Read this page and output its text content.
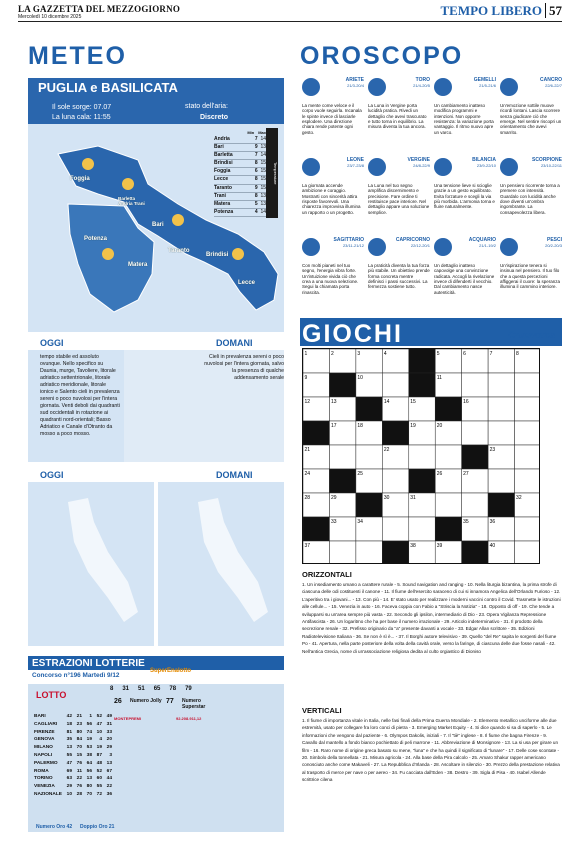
LA GAZZETTA DEL MEZZOGIORNO
Mercoledì 10 dicembre 2025	TEMPO LIBERO 57
METEO
PUGLIA e BASILICATA
Il sole sorge: 07.07
La luna cala: 11:55
stato dell'aria:
Discreto
Foggia
Barletta Andria Trani
Bari
Potenza
Matera
Taranto
Brindisi
Lecce
Min Max
Andria	7 14
Bari	9 13
Barletta	7 14
Brindisi	8 15
Foggia	6 15
Lecce	8 15
Taranto	9 15
Trani	8 13
Matera	5 13
Potenza	4 14
Temperature
OGGI	DOMANI
tempo stabile ed assoluto ovunque. Nello specifico su Daunia, murge, Tavoliere, litorale adriatico settentrionale, litorale adriatico meridionale, litorale ionico e Salento cieli in prevalenza sereni o poco nuvolosi per l'intera giornata. Venti deboli dai quadranti sud occidentali in rotazione ai quadranti nord-orientali; Basso Adriatico e Canale d'Otranto da mosso a poco mosso.
Cieli in prevalenza sereni o poco nuvolosi per l'intera giornata, salvo la presenza di qualche addensamento serale
OGGI	DOMANI
ESTRAZIONI LOTTERIE
Concorso n°196 Martedì 9/12
LOTTO
SuperEnalotto
BARI	42 21	1 52 49
CAGLIARI	18 23 56 47 31
FIRENZE	81 80 74 10 33
GENOVA	35 84 19	4 20
MILANO	13 70 53 19 29
NAPOLI	55 15 38 87	3
PALERMO	47 76 64 48 13
ROMA	69	11 56 52 67
TORINO	63 22 13 60 44
VENEZIA	29 76 80 55 22
NAZIONALE 10 28 70 72 36
8 31 51 65 78 79
Numero Jolly
26	Numero Superstar
77
MONTEPREMI	92.208.911,12
Numero Oro 42 Doppio Oro 21
OROSCOPO
ARIETE
21/3-20/4
La mente come veloce e il corpo vuole seguirla. Incanala le spinte invece di lasciarle esplodere. Una direzione chiara rende potente ogni gesto.
TORO
21/4-20/5
La Luna in Vergine porta lucidità pratica. Rivedi un dettaglio che avevi trascurato e tutto torna in equilibrio. La misura diventa la tua ancora.
GEMELLI
21/5-21/6
Un cambiamento inatteso modifica programmi e intenzioni. Non opporre resistenza: la variazione porta vantaggio. Il ritmo nuovo apre un varco.
CANCRO
22/6-22/7
Un'emozione sottile muove ricordi lontani. Lascia scorrere senza giudicare ciò che emerge. Nel sentire riscopri un orientamento che avevi smarrito.
LEONE
23/7-23/8
La giornata accende ambizione e coraggio. Mostrarti con sincerità attira risposte favorevoli. Una chiarezza improvvisa illumina un rapporto o un progetto.
VERGINE
24/8-22/9
La Luna nel tuo segno amplifica discernimento e precisione. Fare ordine ti restituisce pace interiore. Nel dettaglio appare una soluzione semplice.
BILANCIA
23/9-22/10
Una tensione lieve si scioglie grazie a un gesto equilibrato. Evita forzature e scegli la via più morbida. L'armonia torna e fluire naturalmente.
SCORPIONE
23/10-22/11
Un pensiero ricorrente torna a premere con intensità. Guardalo con lucidità anche dove diventi un'ombra ingombrante. La consapevolezza libera.
SAGITTARIO
23/11-21/12
Con molti pianeti nel tuo segno, l'energia vibra forte. Un'intuizione vivida ciò che crea a una nuova selezione. Segui la chiamata porta rinascita.
CAPRICORNO
22/12-20/1
La praticità diventa la tua forza più stabile. Un obiettivo prende forma concreta mentre definisci i passi successivi. La fermezza sostiene tutto.
ACQUARIO
21/1-19/2
Un dettaglio inatteso capovolge una convinzione radicata. Accogli la rivelazione invece di difenderti il vecchio. Dal cambiamento nasce autenticità.
PESCI
20/2-20/3
Un'ispirazione tenera si insinua nel pensiero. Il tuo filo che a questa percezioni affiggerai il cuore: la speranza illumina il cammino interiore.
GIOCHI	Cruciverba
1	2	3	4	5	6	7	8
9	10	11
12	13	14	15	16
17	18	19	20
21	22	23
24	25	26	27
28	29	30	31	32
33	34	35	36
37	38	39	40
ORIZZONTALI
1. Un insediamento umano a carattere rurale - 5. Sound navigation and ranging - 10. Nella liturgia bizantina, la prima strofe di ciascuna delle odi costituenti il canone - 11. Il fiume dell'esercito saraceno di cui si innamora Angelica dell'Orlando Furioso - 12. L'aperitivo tra i giovani... - 13. Con più - 14. E' stato usato per realizzare i moderni vaccini contro il Covid. Trasmette le istruzioni alle cellule... - 15. Venezia in auto - 16. Faceva coppia con Fabio a "Striscia la Notizia" - 18. Opposto di off - 19. Che tende a svilupparsi su un'area sempre più vasta - 22. Secondo gli ipsilon, intermediario di Dio - 23. Opera Vigilanza Repressione Antifascista - 26. Un logaritmo che ha per base il numero irrazionale - 29. Articolo indeterminativo - 31. Il prodotto della secrezione renale - 32. Prefisso originario da "a" presente davanti a vocale - 33. Edgar Allan scrittore - 35. Edizioni Radiotelevisione Italiana - 36. Se non è sì è... - 37. Il Borghi autore televisivo - 39. Quello "del Re" sapita le sorgenti del fiume Po - 41. Apertura, nella parte posteriore della volta della cavità orale, verso la faringe, di ciascuna delle due fosse nasali - 42. Nell'antica Grecia, nome di un'associazione religiosa dedita al culto orgiastico di Dioniso
VERTICALI
1. Il fiume di importanza vitale in Italia, nelle fasi finali della Prima Guerra Mondiale - 2. Elemento metallico unciforme alle due estremità, usato per collegare fra loro conci di pietra - 3. Emerging Market Equity - 4. Si dice quando si sa di saperlo - 5. Le informazioni che vengono dal paziente - 6. Olympos Dakolis, iniziali - 7. Il "tiè" inglese - 8. Il fiume che bagna Firenze - 9. Cavallo dal mantello a fondo bianco pochiettato di peli marrone - 11. Abbreviazione di Monsignore - 13. La si usa per girare un film - 16. Raro nome di origine greca basato su mene, "luna" e che ha quindi il significato di "lunare" - 17. Delle cose scontate - 20. Simbolo della tonnellata - 21. Misura agricola - 24. Alla base della Pira calcolo - 25. Amaro Shakur rapper americano conosciuto anche come Makaveli - 27. La Repubblica d'Irlanda - 28. Ascoltare in silenzio - 30. Prezzo della prestazione relativa al trasporto di merce per nave o per aereo - 34. Fu cacciata dall'Eden - 38. Destro - 39. Sigla di Pisa - 40. Isabel Allende scrittrice cilena
